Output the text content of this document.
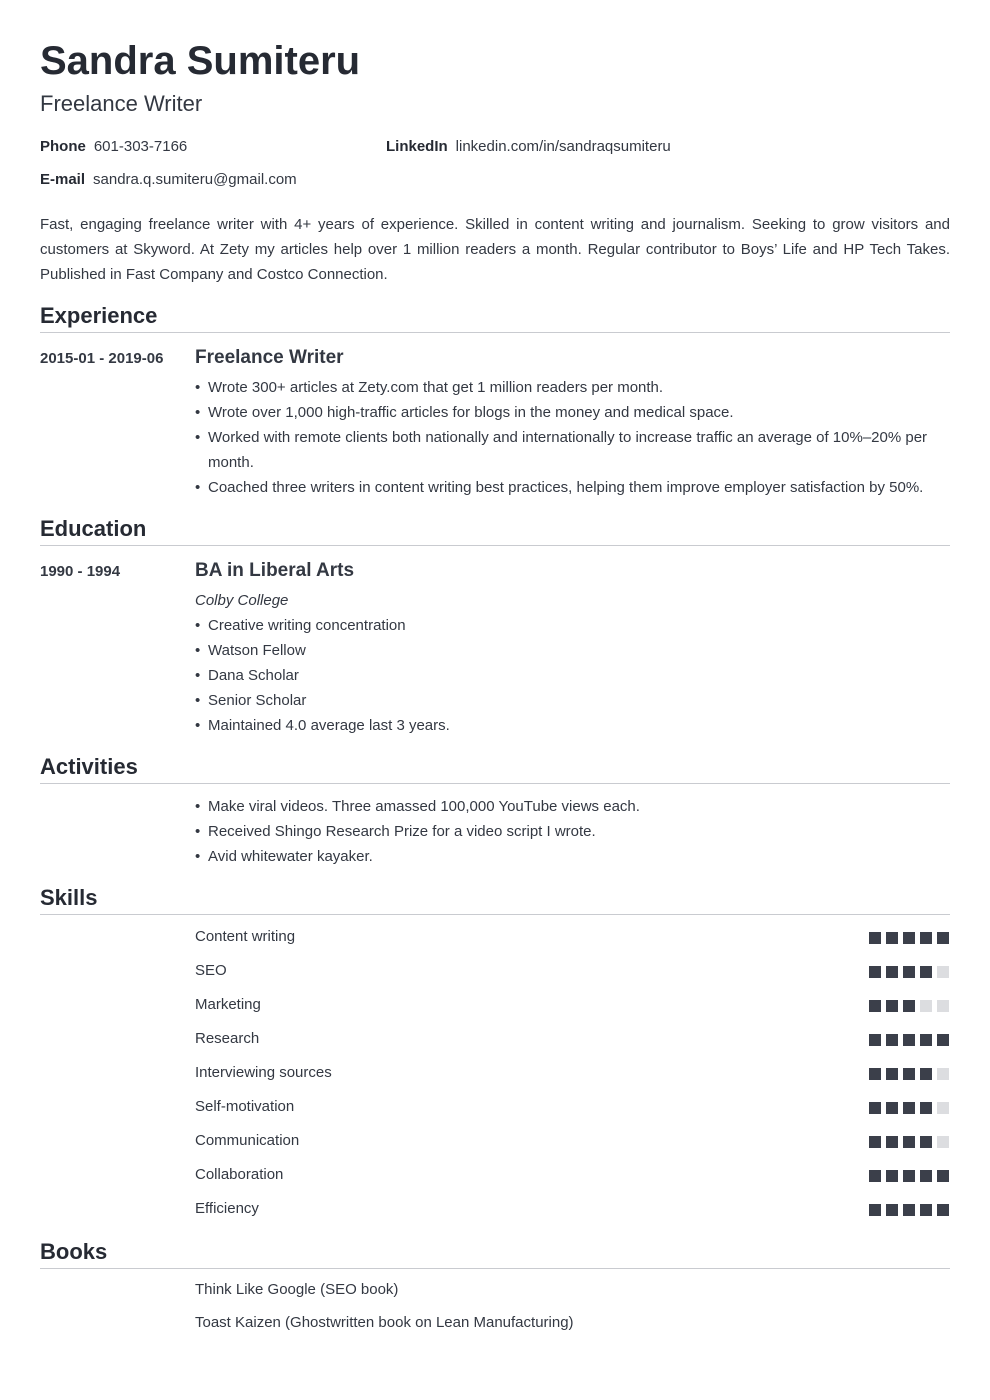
Sandra Sumiteru
Freelance Writer
Phone 601-303-7166	LinkedIn linkedin.com/in/sandraqsumiteru
E-mail sandra.q.sumiteru@gmail.com

Fast, engaging freelance writer with 4+ years of experience. Skilled in content writing and journalism. Seeking to grow visitors and customers at Skyword. At Zety my articles help over 1 million readers a month. Regular contributor to Boys’ Life and HP Tech Takes. Published in Fast Company and Costco Connection.

Experience
2015-01 - 2019-06 Freelance Writer
• Wrote 300+ articles at Zety.com that get 1 million readers per month.
• Wrote over 1,000 high-traffic articles for blogs in the money and medical space.
• Worked with remote clients both nationally and internationally to increase traffic an average of 10%–20% per month.
• Coached three writers in content writing best practices, helping them improve employer satisfaction by 50%.
Education
1990 - 1994	BA in Liberal Arts
Colby College
• Creative writing concentration
• Watson Fellow
• Dana Scholar
• Senior Scholar
• Maintained 4.0 average last 3 years.
Activities
• Make viral videos. Three amassed 100,000 YouTube views each.
• Received Shingo Research Prize for a video script I wrote.
• Avid whitewater kayaker.
Skills
Content writing
SEO
Marketing
Research
Interviewing sources
Self-motivation
Communication
Collaboration
Efficiency
Books
Think Like Google (SEO book)
Toast Kaizen (Ghostwritten book on Lean Manufacturing)
